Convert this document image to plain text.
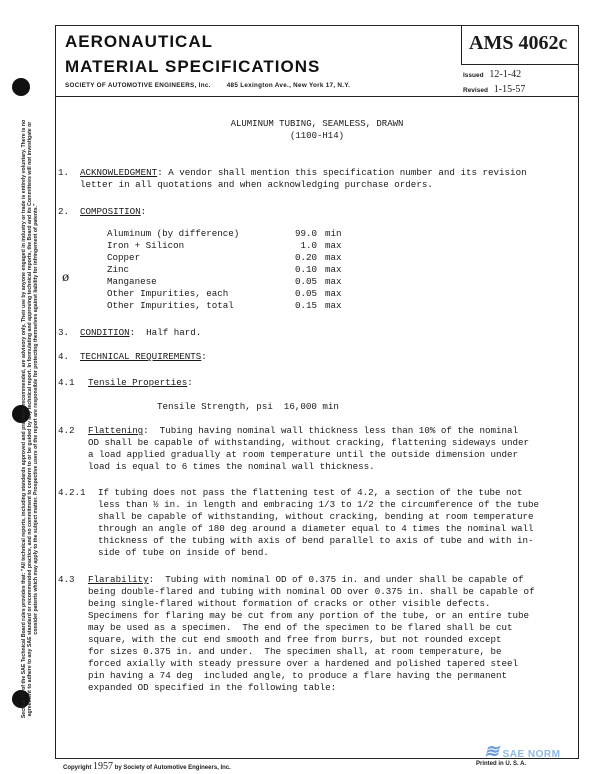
Section 7C of the SAE Technical Board rules provides that: "All technical reports, including standards approved and practices recommended, are advisory only. Their use by anyone engaged in industry or trade is entirely voluntary. There is no agreement to adhere to any SAE standard or recommended practice, and no commitment to conform to or be guided by any technical report. In formulating and approving technical reports, the Board and its Committees will not investigate or consider patents which may apply to the subject matter. Prospective users of the report are responsible for protecting themselves against liability for infringement of patents."
AERONAUTICAL
MATERIAL SPECIFICATIONS
SOCIETY OF AUTOMOTIVE ENGINEERS, Inc.	485 Lexington Ave., New York 17, N.Y.
AMS 4062c
Issued 12-1-42
Revised 1-15-57
ALUMINUM TUBING, SEAMLESS, DRAWN
(1100-H14)
1. ACKNOWLEDGMENT: A vendor shall mention this specification number and its revision
letter in all quotations and when acknowledging purchase orders.
2. COMPOSITION:
Aluminum (by difference)	99.0 min
Iron + Silicon	1.0 max
Copper	0.20 max
Zinc	0.10 max
Manganese	0.05 max
Other Impurities, each	0.05 max
Other Impurities, total	0.15 max
ø
3. CONDITION:  Half hard.
4. TECHNICAL REQUIREMENTS:
4.1 Tensile Properties:
Tensile Strength, psi  16,000 min
4.2 Flattening:  Tubing having nominal wall thickness less than 10% of the nominal
OD shall be capable of withstanding, without cracking, flattening sideways under
a load applied gradually at room temperature until the outside dimension under
load is equal to 6 times the nominal wall thickness.
4.2.1 If tubing does not pass the flattening test of 4.2, a section of the tube not
less than ½ in. in length and embracing 1/3 to 1/2 the circumference of the tube
shall be capable of withstanding, without cracking, bending at room temperature
through an angle of 180 deg around a diameter equal to 4 times the nominal wall
thickness of the tubing with axis of bend parallel to axis of tube and with in-
side of tube on inside of bend.
4.3 Flarability:  Tubing with nominal OD of 0.375 in. and under shall be capable of
being double-flared and tubing with nominal OD over 0.375 in. shall be capable of
being single-flared without formation of cracks or other visible defects.
Specimens for flaring may be cut from any portion of the tube, or an entire tube
may be used as a specimen.  The end of the specimen to be flared shall be cut
square, with the cut end smooth and free from burrs, but not rounded except
for sizes 0.375 in. and under.  The specimen shall, at room temperature, be
forced axially with steady pressure over a hardened and polished tapered steel
pin having a 74 deg  included angle, to produce a flare having the permanent
expanded OD specified in the following table:
Copyright 1957 by Society of Automotive Engineers, Inc.
Printed in U. S. A.
≋ SAE NORM
